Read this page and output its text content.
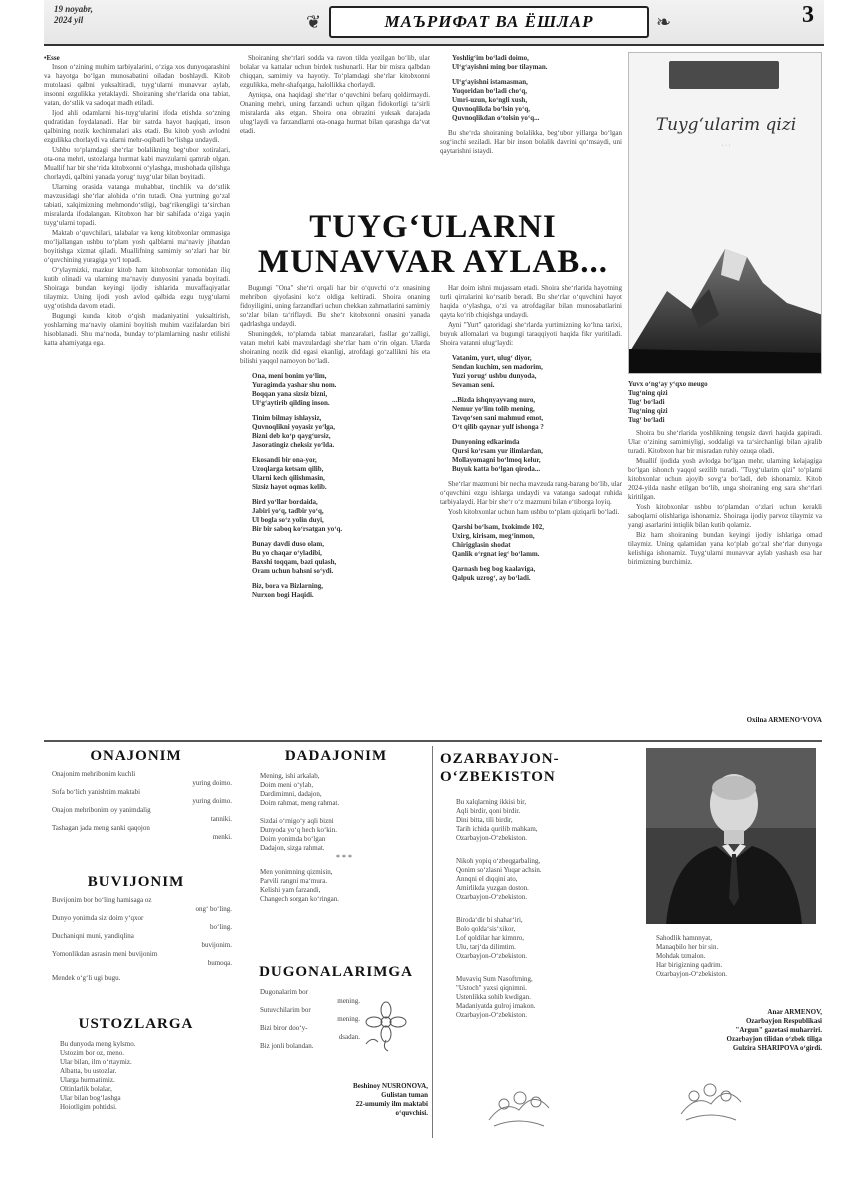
19 noyabr,
2024 yil	❦	МАЪРИФАТ ВА ЁШЛАР	❧	3
•Esse

Inson o‘zining muhim tarbiyalarini, o‘ziga xos dunyoqarashini va hayotga bo‘lgan munosabatini oiladan boshlaydi. Kitob mutolaasi qalbni yuksaltiradi, tuyg‘ularni munavvar aylab, insonni ezgulikka yetaklaydi. Shoiraning she‘rlarida ona tabiat, vatan, do‘stlik va sadoqat madh etiladi.

Ijod ahli odamlarni his-tuyg‘ularini ifoda etishda so‘zning qudratidan foydalanadi. Har bir satrda hayot haqiqati, inson qalbining nozik kechinmalari aks etadi. Bu kitob yosh avlodni ezgulikka chorlaydi va ularni mehr-oqibatli bo‘lishga undaydi.

Ushbu to‘plamdagi she‘rlar bolalikning beg‘ubor xotiralari, ota-ona mehri, ustozlarga hurmat kabi mavzularni qamrab olgan. Muallif har bir she‘rida kitobxonni o‘ylashga, mushohada qilishga chorlaydi, qalbini yanada yorug‘ tuyg‘ular bilan boyitadi.

Ularning orasida vatanga muhabbat, tinchlik va do‘stlik mavzusidagi she‘rlar alohida o‘rin tutadi. Ona yurtning go‘zal tabiati, xalqimizning mehmondo‘stligi, bag‘rikengligi ta‘sirchan misralarda ifodalangan. Kitobxon har bir sahifada o‘ziga yaqin tuyg‘ularni topadi.

Maktab o‘quvchilari, talabalar va keng kitobxonlar ommasiga mo‘ljallangan ushbu to‘plam yosh qalblarni ma‘naviy jihatdan boyitishga xizmat qiladi. Muallifning samimiy so‘zlari har bir o‘quvchining yuragiga yo‘l topadi.

O‘ylaymizki, mazkur kitob ham kitobxonlar tomonidan iliq kutib olinadi va ularning ma‘naviy dunyosini yanada boyitadi. Shoiraga bundan keyingi ijodiy ishlarida muvaffaqiyatlar tilaymiz. Uning ijodi yosh avlod qalbida ezgu tuyg‘ularni uyg‘otishda davom etadi.

Bugungi kunda kitob o‘qish madaniyatini yuksaltirish, yoshlarning ma‘naviy olamini boyitish muhim vazifalardan biri hisoblanadi. Shu ma‘noda, bunday to‘plamlarning nashr etilishi katta ahamiyatga ega.

Shoiraning she‘rlari sodda va ravon tilda yozilgan bo‘lib, ular bolalar va kattalar uchun birdek tushunarli. Har bir misra qalbdan chiqqan, samimiy va hayotiy. To‘plamdagi she‘rlar kitobxonni ezgulikka, mehr-shafqatga, halollikka chorlaydi.

Ayniqsa, ona haqidagi she‘rlar o‘quvchini befarq qoldirmaydi. Onaning mehri, uning farzandi uchun qilgan fidokorligi ta‘sirli misralarda aks etgan. Shoira ona obrazini yuksak darajada ulug‘laydi va farzandlarni ota-onaga hurmat bilan qarashga da‘vat etadi.

Yoshlig‘im bo‘ladi doimo,
Ul‘g‘ayishni ming bor tilayman.
Ul‘g‘ayishni istamasman,
Yuqoridan bo‘ladi cho‘q,
Umri-uzun, ko‘ngli xush,
Quvnoqlikda bo‘lsin yo‘q,
Quvnoqlikdan o‘tolsin yo‘q...

Bu she‘rda shoiraning bolalikka, beg‘ubor yillarga bo‘lgan sog‘inchi seziladi. Har bir inson bolalik davrini qo‘msaydi, uni qaytarishni istaydi.

TUYG‘ULARNI
MUNAVVAR AYLAB...

Bugungi "Ona" she‘ri orqali har bir o‘quvchi o‘z onasining mehribon qiyofasini ko‘z oldiga keltiradi. Shoira onaning fidoyiligini, uning farzandlari uchun chekkan zahmatlarini samimiy so‘zlar bilan ta‘riflaydi. Bu she‘r kitobxonni onasini yanada qadrlashga undaydi.

Shuningdek, to‘plamda tabiat manzaralari, fasllar go‘zalligi, vatan mehri kabi mavzulardagi she‘rlar ham o‘rin olgan. Ularda shoiraning nozik did egasi ekanligi, atrofdagi go‘zallikni his eta bilishi yaqqol namoyon bo‘ladi.

Ona, meni bonim yo‘lim,
Yuragimda yashar shu nom.
Boqqan yana sizsiz bizni,
Ul‘g‘aytirib qilding inson.
Tinim bilmay ishlaysiz,
Quvnoqlikni yoyasiz yo‘lga,
Bizni deb ko‘p qayg‘ursiz,
Jasoratingiz cheksiz yo‘lda.
Ekosandi bir ona-yor,
Uzoqlarga ketsam qilib,
Ularni kech qilishmasin,
Sizsiz hayot oqmas kelib.
Bird yo‘llar bordaida,
Jabiri yo‘q, tadbir yo‘q,
Ul bogla so‘z yolin duyi,
Bir bir saboq ko‘rsatgan yo‘q.
Bunay davdi duso olam,
Bu yo chaqar o‘yladibi,
Baxshi toqqam, bazi qulash,
Oram uchun bahsni so‘ydi.
Biz, bora va Bizlarning,
Nurxon bogi Haqidi.

Har doim ishni mujassam etadi. Shoira she‘rlarida hayotning turli qirralarini ko‘rsatib beradi. Bu she‘rlar o‘quvchini hayot haqida o‘ylashga, o‘zi va atrofdagilar bilan munosabatlarini qayta ko‘rib chiqishga undaydi.

Ayni "Yurt" qatoridagi she‘rlarda yurtimizning ko‘hna tarixi, buyuk allomalari va bugungi taraqqiyoti haqida fikr yuritiladi. Shoira vatanni ulug‘laydi:

Vatanim, yurt, ulug‘ diyor,
Sendan kuchim, sen madorim,
Yuzi yorug‘ ushbu dunyoda,
Sevaman seni.
...Bizda ishqnyayvang nuro,
Nemur yo‘lim tolib mening,
Tavqo‘sen sani mahmud emot,
O‘t qilib qaynar yulf ishonga ?
Dunyoning edkarimda
Qursi ko‘rsam yur ilimlardan,
Mollayomagni bo‘lmoq kelur,
Buyuk katta bo‘lgan qiroda...

She‘rlar mazmuni bir necha mavzuda rang-barang bo‘lib, ular o‘quvchini ezgu ishlarga undaydi va vatanga sadoqat ruhida tarbiyalaydi. Har bir she‘r o‘z mazmuni bilan e‘tiborga loyiq.

Yosh kitobxonlar uchun ham ushbu to‘plam qiziqarli bo‘ladi.

Qarshi bo‘lsam, Ixokimde 102,
Uxirg, kirisam, meg‘inmon,
Chirigglasin shodat
Qanlik o‘rgnat ieg‘ bo‘lamm.
Qarnash beg bog kaalaviga,
Qalpuk uzrog‘, ay bo‘ladi.
Tuyg‘ularim qizi
· · ·
Yuvx o‘ng‘ay y‘qxo meugo
Tug‘ning qizi
Tug‘ bo‘ladi
Tug‘ning qizi
Tug‘ bo‘ladi

Shoira bu she‘rlarida yoshlikning tengsiz davri haqida gapiradi. Ular o‘zining samimiyligi, soddaligi va ta‘sirchanligi bilan ajralib turadi. Kitobxon har bir misradan ruhiy ozuqa oladi.

Muallif ijodida yosh avlodga bo‘lgan mehr, ularning kelajagiga bo‘lgan ishonch yaqqol sezilib turadi. "Tuyg‘ularim qizi" to‘plami kitobxonlar uchun ajoyib sovg‘a bo‘ladi, deb ishonamiz. Kitob 2024-yilda nashr etilgan bo‘lib, unga shoiraning eng sara she‘rlari kiritilgan.

Yosh kitobxonlar ushbu to‘plamdan o‘zlari uchun kerakli saboqlarni olishlariga ishonamiz. Shoiraga ijodiy parvoz tilaymiz va yangi asarlarini intiqlik bilan kutib qolamiz.

Biz ham shoiraning bundan keyingi ijodiy ishlariga omad tilaymiz. Uning qalamidan yana ko‘plab go‘zal she‘rlar dunyoga kelishiga ishonamiz. Tuyg‘ularni munavvar aylab yashash esa har birimizning burchimiz.

Oxilna ARMENO‘VOVA
ONAJONIM
Onajonim mehribonim kuchli
yuring doimo.
Sofa bo‘lich yanishtim maktabi
yuring doimo.
Onajon mehribonim oy yanimdalig
tanniki.
Tashagan jada meng sanki qaqojon
menki.
BUVIJONIM
Buvijonim bor bo‘ling hamisaga oz
ong‘ bo‘ling.
Dunyo yonimda siz doim y‘qxor
bo‘ling.
Duchaniqni muni, yandiqlina
buvijonim.
Yomonlikdan asrasin meni buvijonim
bumoqa.
Mendek o‘g‘li ugi bugu.
USTOZLARGA
Bu dunyoda meng kylsmo.
Ustozim bor oz, meno.
Ular bilan, ilm o‘rtaymiz.
Albatta, bu ustozlar.
Ularga hurmatimiz.
Oltinlarlik bolalar,
Ular bilan bog‘lashga
Hoiotligim pohtidsi.
DADAJONIM
Mening, ishi arkalab,
Doim meni o‘ylab,
Dardimimni, dadajon,
Doim rahmat, meng rahmat.
Sizdai o‘rnigo‘y aqli bizni
Dunyoda yo‘q hech ko‘kin.
Doim yonimda bo‘lgan
Dadajon, sizga rahmat.
* * *
Men yonimning qizmisin,
Parvili rangni ma‘mura.
Kelishi yam farzandi,
Changech sorgan ko‘ringan.
DUGONALARIMGA
Dugonalarim bor
mening.
Sutuvchilarim bor
mening.
Bizi biror doo‘y-
dsadan.
Biz jonli bolandan.
Beshinoy NUSRONOVA,
Gulistan tuman
22-umumiy ilm maktabi
o‘quvchisi.
OZARBAYJON-
O‘ZBEKISTON
Bu xalqlarning ikkisi bir,
Aqli birdir, qoni birdir.
Dini bitta, tili birdir,
Tarih ichida qurilib mahkam,
Ozarbayjon-O‘zbekiston.
Nikoh yopiq o‘zbeqgarbaling,
Qonim so‘zlasni Yuqar achsin.
Annqni el diqqini ato,
Amirlikda yuzgan doston.
Ozarbayjon-O‘zbekiston.
Biroda‘dir bi shahar‘iri,
Bolo qolda‘sis‘xikor,
Lof qoldilar har kimnro,
Ulu, tarj‘da dilimtim.
Ozarbayjon-O‘zbekiston.
Muvaviq Sum Nasoftrning,
"Ustoch" yaxsi qiqnimni.
Ustenlikka sohib kwdigan.
Madaniyatda gulroj imakon.
Ozarbayjon-O‘zbekiston.
Sahodlik hamnnyat,
Manaqbilo her bir sin.
Mohdak tzmalon.
Har birigizning qadrim.
Ozarbayjon-O‘zbekiston.
Anar ARMENOV,
Ozarbayjon Respublikasi
"Argun" gazetasi muharriri.
Ozarbayjon tilidan o‘zbek tiliga
Gulzira SHARIPOVA o‘girdi.
